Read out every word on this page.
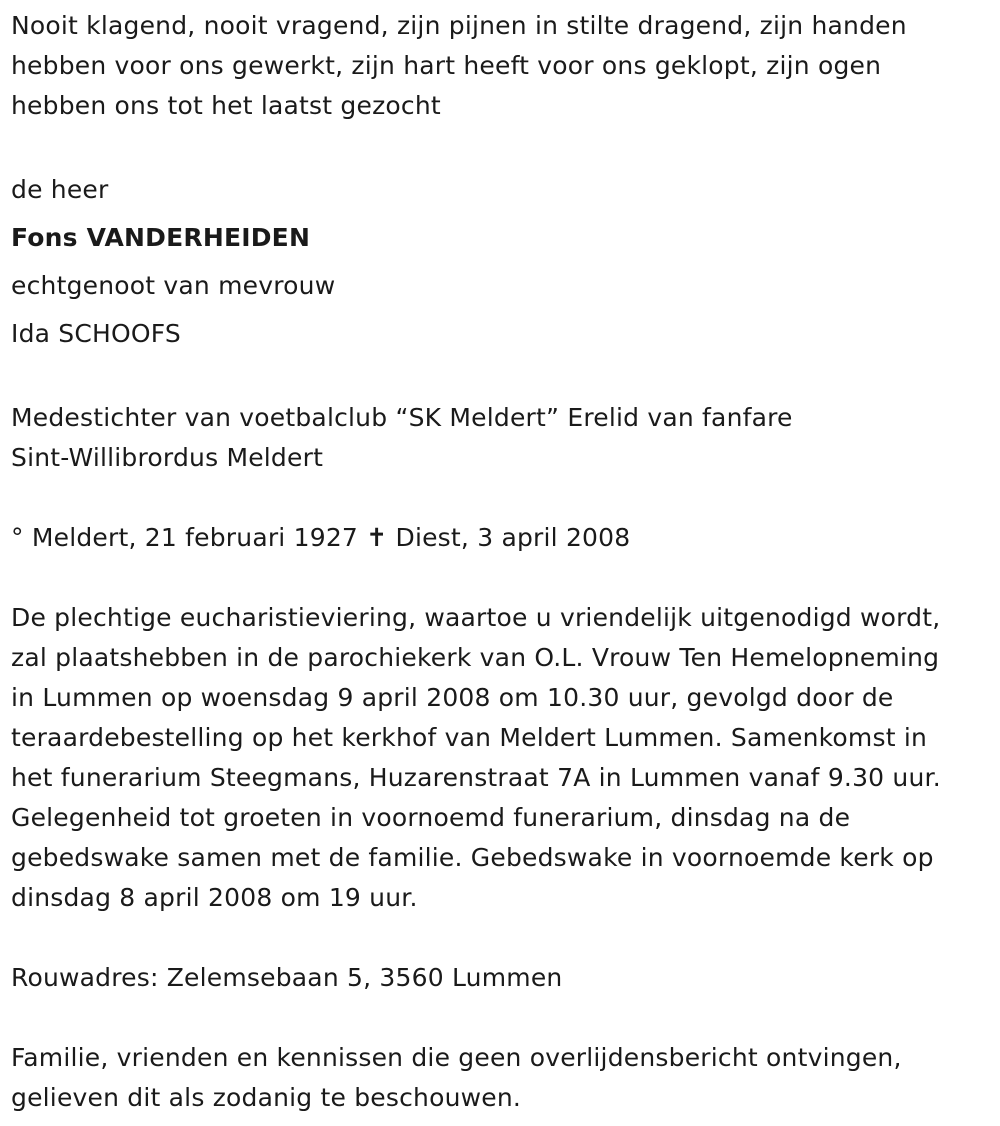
Nooit klagend, nooit vragend, zijn pijnen in stilte dragend, zijn handen

hebben voor ons gewerkt, zijn hart heeft voor ons geklopt, zijn ogen

hebben ons tot het laatst gezocht

de heer

Fons VANDERHEIDEN

echtgenoot van mevrouw

Ida SCHOOFS

Medestichter van voetbalclub “SK Meldert” Erelid van fanfare

Sint-Willibrordus Meldert

° Meldert, 21 februari 1927 ✝ Diest, 3 april 2008

De plechtige eucharistieviering, waartoe u vriendelijk uitgenodigd wordt,

zal plaatshebben in de parochiekerk van O.L. Vrouw Ten Hemelopneming

in Lummen op woensdag 9 april 2008 om 10.30 uur, gevolgd door de

teraardebestelling op het kerkhof van Meldert Lummen. Samenkomst in

het funerarium Steegmans, Huzarenstraat 7A in Lummen vanaf 9.30 uur.

Gelegenheid tot groeten in voornoemd funerarium, dinsdag na de

gebedswake samen met de familie. Gebedswake in voornoemde kerk op

dinsdag 8 april 2008 om 19 uur.

Rouwadres: Zelemsebaan 5, 3560 Lummen

Familie, vrienden en kennissen die geen overlijdensbericht ontvingen,

gelieven dit als zodanig te beschouwen.
